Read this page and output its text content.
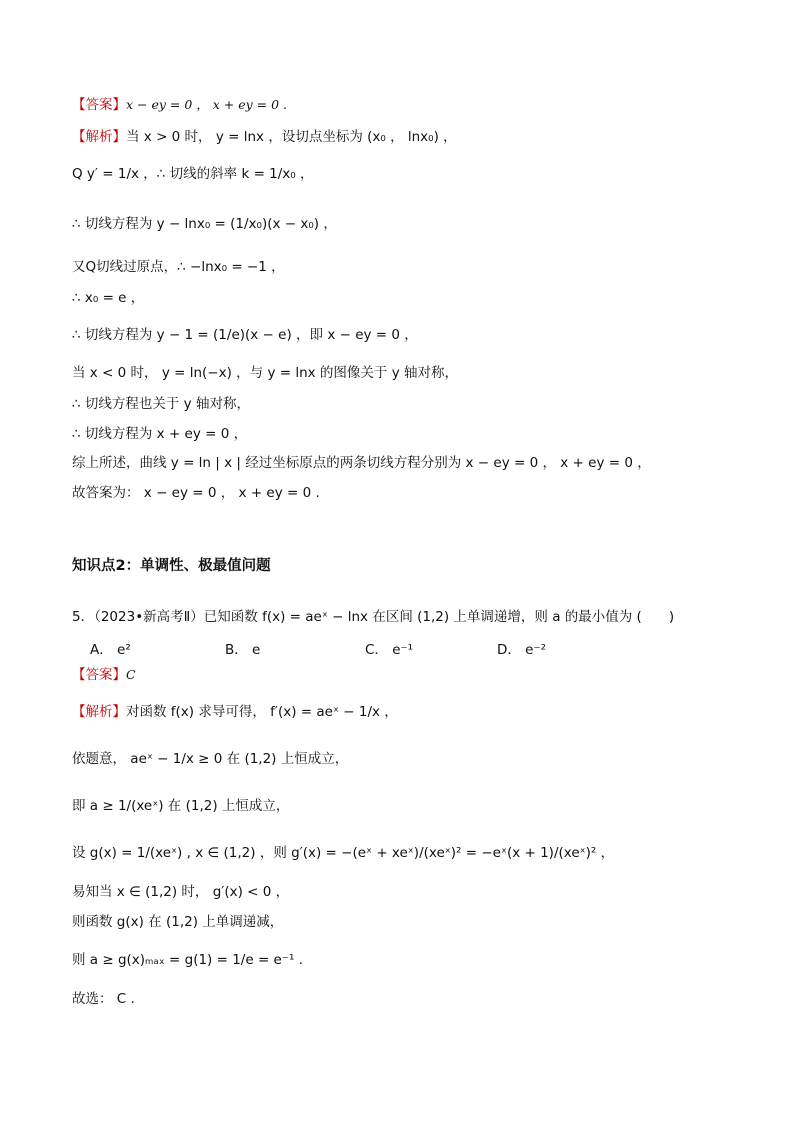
【答案】x − ey = 0 ， x + ey = 0 .
【解析】当 x > 0 时， y = lnx ，设切点坐标为 (x₀ ， lnx₀) ，
Q y′ = 1/x ，∴ 切线的斜率 k = 1/x₀ ，
∴ 切线方程为 y − lnx₀ = (1/x₀)(x − x₀) ，
又Q切线过原点，∴ −lnx₀ = −1 ，
∴ x₀ = e ，
∴ 切线方程为 y − 1 = (1/e)(x − e) ，即 x − ey = 0 ，
当 x < 0 时， y = ln(−x) ，与 y = lnx 的图像关于 y 轴对称，
∴ 切线方程也关于 y 轴对称，
∴ 切线方程为 x + ey = 0 ，
综上所述，曲线 y = ln | x | 经过坐标原点的两条切线方程分别为 x − ey = 0 ， x + ey = 0 ，
故答案为： x − ey = 0 ， x + ey = 0 .
知识点2：单调性、极最值问题
5．（2023•新高考Ⅱ）已知函数 f(x) = aeˣ − lnx 在区间 (1,2) 上单调递增，则 a 的最小值为 (　　)
A． e²	B． e	C． e⁻¹	D． e⁻²
【答案】C
【解析】对函数 f(x) 求导可得， f′(x) = aeˣ − 1/x ，
依题意， aeˣ − 1/x ≥ 0 在 (1,2) 上恒成立，
即 a ≥ 1/(xeˣ) 在 (1,2) 上恒成立，
设 g(x) = 1/(xeˣ) , x ∈ (1,2) ，则 g′(x) = −(eˣ + xeˣ)/(xeˣ)² = −eˣ(x + 1)/(xeˣ)² ，
易知当 x ∈ (1,2) 时， g′(x) < 0 ，
则函数 g(x) 在 (1,2) 上单调递减，
则 a ≥ g(x)ₘₐₓ = g(1) = 1/e = e⁻¹ .
故选： C .
